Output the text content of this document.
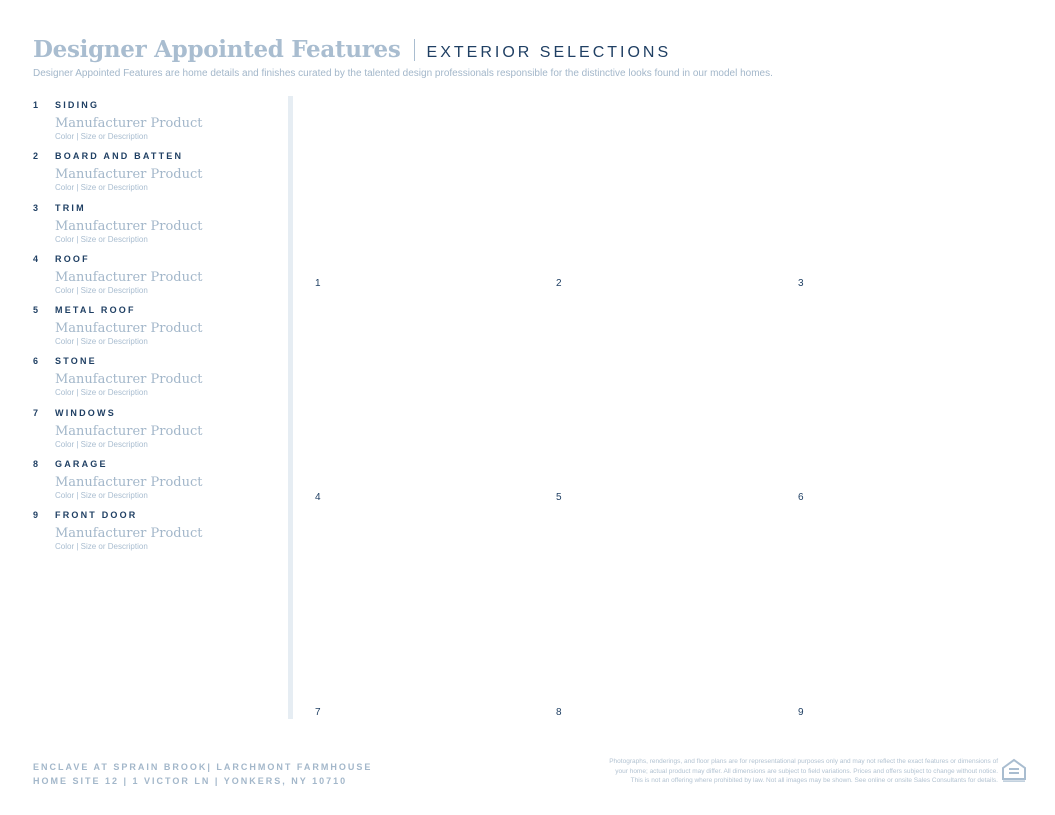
Designer Appointed Features EXTERIOR SELECTIONS
Designer Appointed Features are home details and finishes curated by the talented design professionals responsible for the distinctive looks found in our model homes.
1	SIDING
Manufacturer Product
Color | Size or Description
2	BOARD AND BATTEN
Manufacturer Product
Color | Size or Description
3	TRIM
Manufacturer Product
Color | Size or Description
4	ROOF
Manufacturer Product
Color | Size or Description
5	METAL ROOF
Manufacturer Product
Color | Size or Description
6	STONE
Manufacturer Product
Color | Size or Description
7	WINDOWS
Manufacturer Product
Color | Size or Description
8	GARAGE
Manufacturer Product
Color | Size or Description
9	FRONT DOOR
Manufacturer Product
Color | Size or Description
1	2	3
4	5	6
7	8	9
ENCLAVE AT SPRAIN BROOK| LARCHMONT FARMHOUSE
HOME SITE 12 | 1 VICTOR LN | YONKERS, NY 10710
Photographs, renderings, and floor plans are for representational purposes only and may not reflect the exact features or dimensions of
your home; actual product may differ. All dimensions are subject to field variations. Prices and offers subject to change without notice.
This is not an offering where prohibited by law. Not all images may be shown. See online or onsite Sales Consultants for details.
